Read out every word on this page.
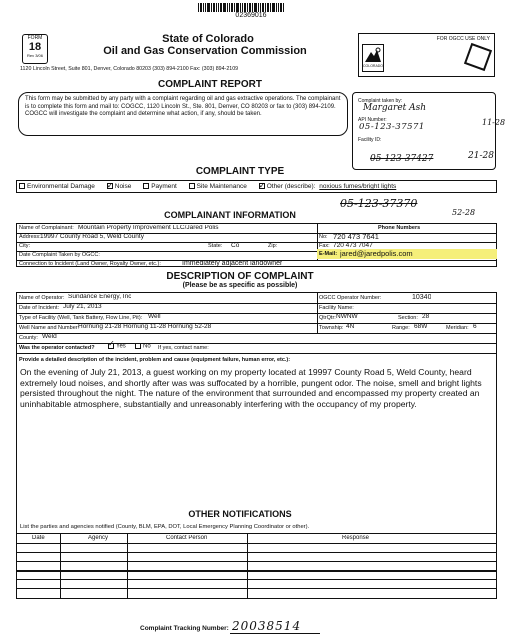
02369016
FORM
18
Rev 3/06
State of Colorado
Oil and Gas Conservation Commission
1120 Lincoln Street, Suite 801, Denver, Colorado 80203 (303) 894-2100 Fax: (303) 894-2109
FOR OGCC USE ONLY
COLORADO
COMPLAINT REPORT
This form may be submitted by any party with a complaint regarding oil and gas extractive operations. The complainant is to complete this form and mail to: COGCC, 1120 Lincoln St., Ste. 801, Denver, CO 80203 or fax to (303) 894-2109. COGCC will investigate the complaint and determine what action, if any, should be taken.
Complaint taken by:
Margaret Ash
API Number:
05-123-37571
Facility ID:
11-28
05-123-37427	21-28
COMPLAINT TYPE
Environmental Damage ✓	Noise	Payment	Site Maintenance ✓	Other (describe): noxious fumes/bright lights
05-123-37370
52-28
COMPLAINANT INFORMATION
Name of Complainant: Mountain Property Improvement LLC/Jared Polis	Phone Numbers
Address: 19997 County Road 5, Weld County	No: 720 473 7641
City:	State: Co	Zip:	Fax: 720 473 7047
Date Complaint Taken by OGCC:	E-Mail: jared@jaredpolis.com
Connection to Incident (Land Owner, Royalty Owner, etc.):	Immediately adjacent landowner
DESCRIPTION OF COMPLAINT
(Please be as specific as possible)
Name of Operator: Sundance Energy, Inc	OGCC Operator Number:	10340
Date of Incident: July 21, 2013	Facility Name:
Type of Facility (Well, Tank Battery, Flow Line, Pit): Well	QtrQtr: NWNW	Section: 28
Well Name and Number:
Hornung 21-28 Hornung 11-28 Hornung 52-28	Township: 4N	Range: 68W	Meridian: 6
County: Weld
Was the operator contacted? ✓	Yes	No If yes, contact name:
Provide a detailed description of the incident, problem and cause (equipment failure, human error, etc.):
On the evening of July 21, 2013, a guest working on my property located at 19997 County Road 5, Weld County, heard extremely loud noises, and shortly after was was suffocated by a horrible, pungent odor. The noise, smell and bright lights persisted throughout the night. The nature of the environment that surrounded and encompassed my property created an uninhabitable atmosphere, substantially and unreasonably interfering with the occupancy of my property.
OTHER NOTIFICATIONS
List the parties and agencies notified (County, BLM, EPA, DOT, Local Emergency Planning Coordinator or other).
Date	Agency	Contact Person	Response
Complaint Tracking Number: 20038514
